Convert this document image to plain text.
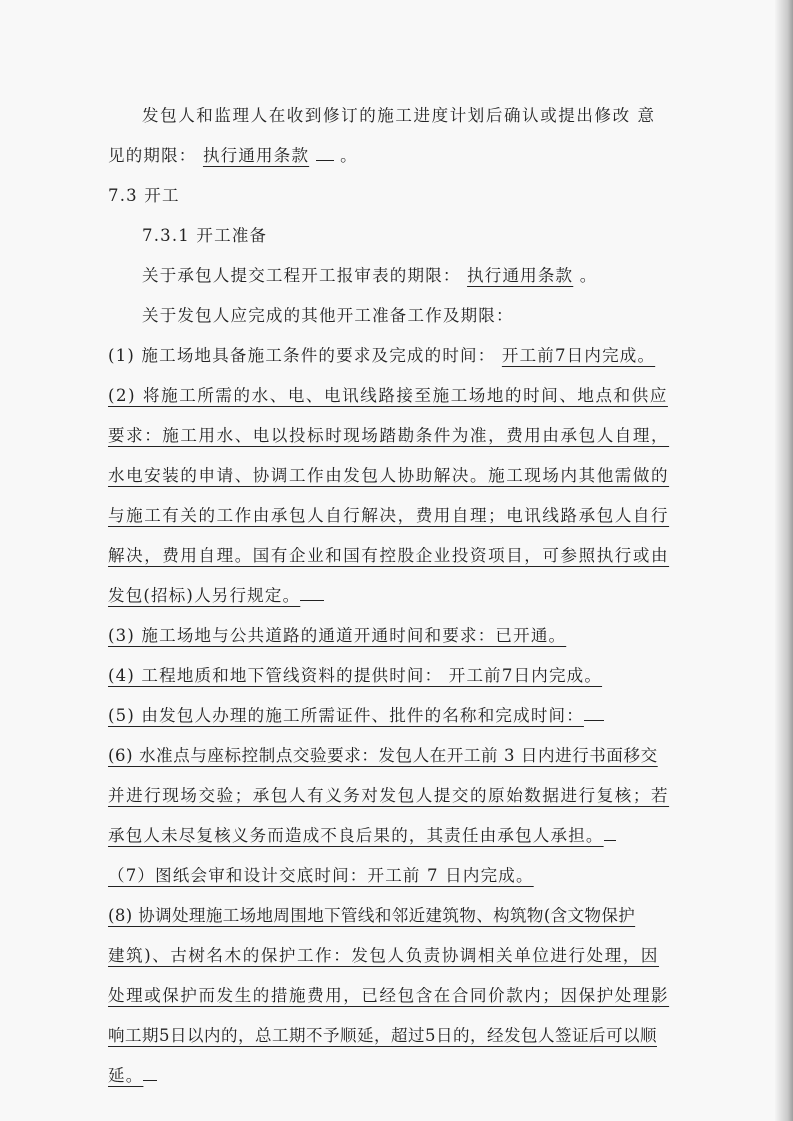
发包人和监理人在收到修订的施工进度计划后确认或提出修改 意
见的期限： 执行通用条款 。
7.3 开工
7.3.1 开工准备
关于承包人提交工程开工报审表的期限： 执行通用条款 。
关于发包人应完成的其他开工准备工作及期限：
(1) 施工场地具备施工条件的要求及完成的时间： 开工前7日内完成。
(2) 将施工所需的水、电、电讯线路接至施工场地的时间、地点和供应
要求：施工用水、电以投标时现场踏勘条件为准，费用由承包人自理，
水电安装的申请、协调工作由发包人协助解决。施工现场内其他需做的
与施工有关的工作由承包人自行解决，费用自理；电讯线路承包人自行
解决，费用自理。国有企业和国有控股企业投资项目，可参照执行或由
发包(招标)人另行规定。
(3) 施工场地与公共道路的通道开通时间和要求：已开通。
(4) 工程地质和地下管线资料的提供时间： 开工前7日内完成。
(5) 由发包人办理的施工所需证件、批件的名称和完成时间：
(6) 水准点与座标控制点交验要求：发包人在开工前 3 日内进行书面移交
并进行现场交验；承包人有义务对发包人提交的原始数据进行复核；若
承包人未尽复核义务而造成不良后果的，其责任由承包人承担。
（7）图纸会审和设计交底时间：开工前 7 日内完成。
(8) 协调处理施工场地周围地下管线和邻近建筑物、构筑物(含文物保护
建筑)、古树名木的保护工作：发包人负责协调相关单位进行处理，因
处理或保护而发生的措施费用，已经包含在合同价款内；因保护处理影
响工期5日以内的，总工期不予顺延，超过5日的，经发包人签证后可以顺
延。
